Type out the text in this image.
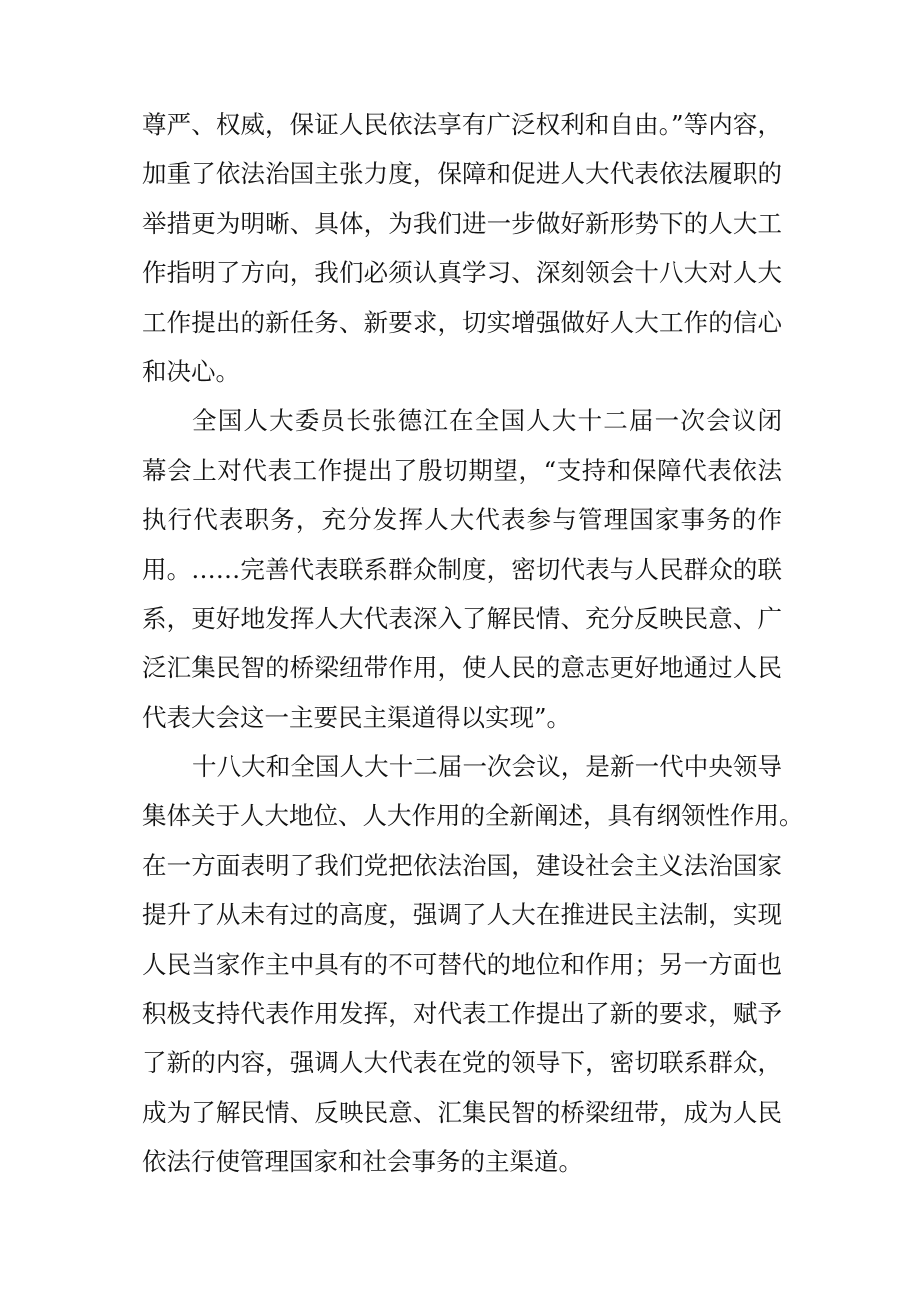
尊严、权威，保证人民依法享有广泛权利和自由。”等内容，
加重了依法治国主张力度，保障和促进人大代表依法履职的
举措更为明晰、具体，为我们进一步做好新形势下的人大工
作指明了方向，我们必须认真学习、深刻领会十八大对人大
工作提出的新任务、新要求，切实增强做好人大工作的信心
和决心。
全国人大委员长张德江在全国人大十二届一次会议闭
幕会上对代表工作提出了殷切期望，“支持和保障代表依法
执行代表职务，充分发挥人大代表参与管理国家事务的作
用。……完善代表联系群众制度，密切代表与人民群众的联
系，更好地发挥人大代表深入了解民情、充分反映民意、广
泛汇集民智的桥梁纽带作用，使人民的意志更好地通过人民
代表大会这一主要民主渠道得以实现”。
十八大和全国人大十二届一次会议，是新一代中央领导
集体关于人大地位、人大作用的全新阐述，具有纲领性作用。
在一方面表明了我们党把依法治国，建设社会主义法治国家
提升了从未有过的高度，强调了人大在推进民主法制，实现
人民当家作主中具有的不可替代的地位和作用；另一方面也
积极支持代表作用发挥，对代表工作提出了新的要求，赋予
了新的内容，强调人大代表在党的领导下，密切联系群众，
成为了解民情、反映民意、汇集民智的桥梁纽带，成为人民
依法行使管理国家和社会事务的主渠道。
